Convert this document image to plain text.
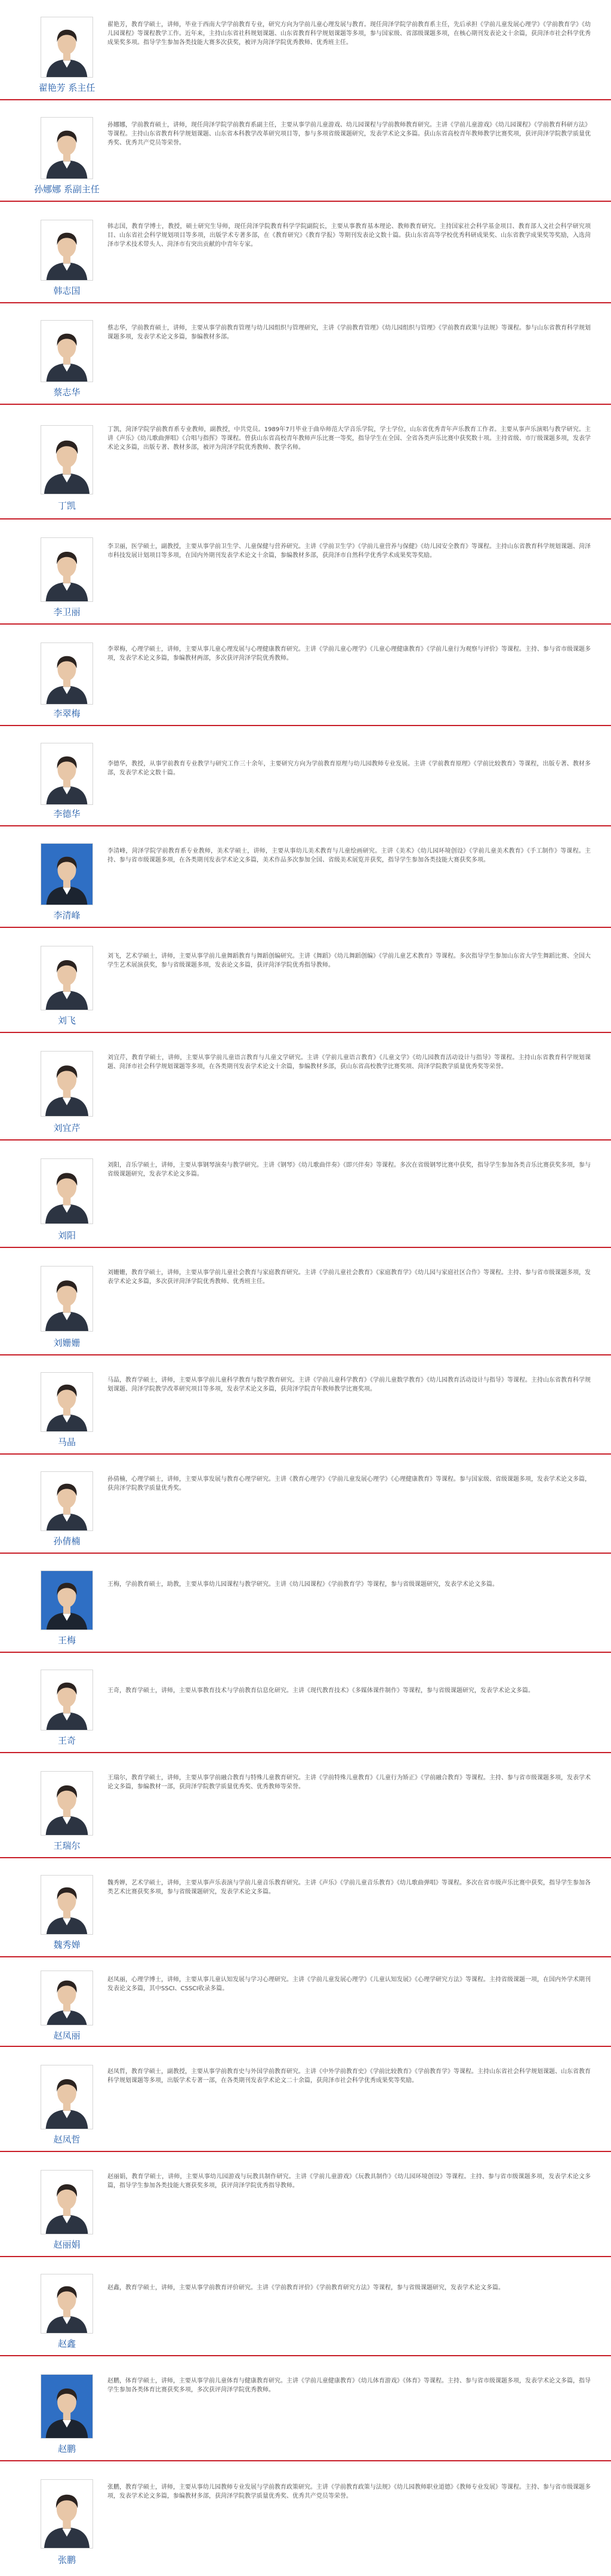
翟艳芳 系主任

翟艳芳，教育学硕士，讲师，毕业于西南大学学前教育专业，研究方向为学前儿童心理发展与教育。现任菏泽学院学前教育系主任，先后承担《学前儿童发展心理学》《学前教育学》《幼儿园课程》等课程教学工作。近年来，主持山东省社科规划课题、山东省教育科学规划课题等多项，参与国家级、省部级课题多项，在核心期刊发表论文十余篇，获菏泽市社会科学优秀成果奖多项。指导学生参加各类技能大赛多次获奖，被评为菏泽学院优秀教师、优秀班主任。

孙娜娜 系副主任

孙娜娜，学前教育硕士，讲师，现任菏泽学院学前教育系副主任，主要从事学前儿童游戏、幼儿园课程与学前教师教育研究。主讲《学前儿童游戏》《幼儿园课程》《学前教育科研方法》等课程。主持山东省教育科学规划课题、山东省本科教学改革研究项目等，参与多项省级课题研究，发表学术论文多篇。获山东省高校青年教师教学比赛奖项，获评菏泽学院教学质量优秀奖、优秀共产党员等荣誉。

韩志国

韩志国，教育学博士，教授，硕士研究生导师，现任菏泽学院教育科学学院副院长，主要从事教育基本理论、教师教育研究。主持国家社会科学基金项目、教育部人文社会科学研究项目、山东省社会科学规划项目等多项，出版学术专著多部，在《教育研究》《教育学报》等期刊发表论文数十篇。获山东省高等学校优秀科研成果奖、山东省教学成果奖等奖励，入选菏泽市学术技术带头人、菏泽市有突出贡献的中青年专家。

蔡志华

蔡志华，学前教育硕士，讲师，主要从事学前教育管理与幼儿园组织与管理研究，主讲《学前教育管理》《幼儿园组织与管理》《学前教育政策与法规》等课程。参与山东省教育科学规划课题多项，发表学术论文多篇，参编教材多部。

丁凯

丁凯，菏泽学院学前教育系专业教师，副教授，中共党员。1989年7月毕业于曲阜师范大学音乐学院，学士学位，山东省优秀青年声乐教育工作者。主要从事声乐演唱与教学研究。主讲《声乐》《幼儿歌曲弹唱》《合唱与指挥》等课程。曾获山东省高校青年教师声乐比赛一等奖，指导学生在全国、全省各类声乐比赛中获奖数十项。主持省级、市厅级课题多项，发表学术论文多篇，出版专著、教材多部，被评为菏泽学院优秀教师、教学名师。

李卫丽

李卫丽，医学硕士，副教授，主要从事学前卫生学、儿童保健与营养研究。主讲《学前卫生学》《学前儿童营养与保健》《幼儿园安全教育》等课程。主持山东省教育科学规划课题、菏泽市科技发展计划项目等多项，在国内外期刊发表学术论文十余篇，参编教材多部，获菏泽市自然科学优秀学术成果奖等奖励。

李翠梅

李翠梅，心理学硕士，讲师，主要从事儿童心理发展与心理健康教育研究。主讲《学前儿童心理学》《儿童心理健康教育》《学前儿童行为观察与评价》等课程。主持、参与省市级课题多项，发表学术论文多篇，参编教材两部，多次获评菏泽学院优秀教师。

李德华

李德华，教授，从事学前教育专业教学与研究工作三十余年，主要研究方向为学前教育原理与幼儿园教师专业发展。主讲《学前教育原理》《学前比较教育》等课程，出版专著、教材多部，发表学术论文数十篇。

李清峰

李清峰，菏泽学院学前教育系专业教师，美术学硕士，讲师，主要从事幼儿美术教育与儿童绘画研究。主讲《美术》《幼儿园环境创设》《学前儿童美术教育》《手工制作》等课程。主持、参与省市级课题多项，在各类期刊发表学术论文多篇，美术作品多次参加全国、省级美术展览并获奖，指导学生参加各类技能大赛获奖多项。

刘飞

刘飞，艺术学硕士，讲师，主要从事学前儿童舞蹈教育与舞蹈创编研究。主讲《舞蹈》《幼儿舞蹈创编》《学前儿童艺术教育》等课程。多次指导学生参加山东省大学生舞蹈比赛、全国大学生艺术展演获奖，参与省级课题多项，发表论文多篇，获评菏泽学院优秀指导教师。

刘宜芹

刘宜芹，教育学硕士，讲师，主要从事学前儿童语言教育与儿童文学研究。主讲《学前儿童语言教育》《儿童文学》《幼儿园教育活动设计与指导》等课程。主持山东省教育科学规划课题、菏泽市社会科学规划课题等多项，在各类期刊发表学术论文十余篇，参编教材多部，获山东省高校教学比赛奖项、菏泽学院教学质量优秀奖等荣誉。

刘阳

刘阳，音乐学硕士，讲师，主要从事钢琴演奏与教学研究。主讲《钢琴》《幼儿歌曲伴奏》《即兴伴奏》等课程。多次在省级钢琴比赛中获奖，指导学生参加各类音乐比赛获奖多项，参与省级课题研究，发表学术论文多篇。

刘姗姗

刘姗姗，教育学硕士，讲师，主要从事学前儿童社会教育与家庭教育研究。主讲《学前儿童社会教育》《家庭教育学》《幼儿园与家庭社区合作》等课程。主持、参与省市级课题多项，发表学术论文多篇，多次获评菏泽学院优秀教师、优秀班主任。

马晶

马晶，教育学硕士，讲师，主要从事学前儿童科学教育与数学教育研究。主讲《学前儿童科学教育》《学前儿童数学教育》《幼儿园教育活动设计与指导》等课程。主持山东省教育科学规划课题、菏泽学院教学改革研究项目等多项，发表学术论文多篇，获菏泽学院青年教师教学比赛奖项。

孙倩楠

孙倩楠，心理学硕士，讲师，主要从事发展与教育心理学研究。主讲《教育心理学》《学前儿童发展心理学》《心理健康教育》等课程。参与国家级、省级课题多项，发表学术论文多篇，获菏泽学院教学质量优秀奖。

王梅

王梅，学前教育硕士，助教，主要从事幼儿园课程与教学研究。主讲《幼儿园课程》《学前教育学》等课程，参与省级课题研究，发表学术论文多篇。

王奇

王奇，教育学硕士，讲师，主要从事教育技术与学前教育信息化研究。主讲《现代教育技术》《多媒体课件制作》等课程，参与省级课题研究，发表学术论文多篇。

王瑞尔

王瑞尔，教育学硕士，讲师，主要从事学前融合教育与特殊儿童教育研究。主讲《学前特殊儿童教育》《儿童行为矫正》《学前融合教育》等课程。主持、参与省市级课题多项，发表学术论文多篇，参编教材一部，获菏泽学院教学质量优秀奖、优秀教师等荣誉。

魏秀婵

魏秀婵，艺术学硕士，讲师，主要从事声乐表演与学前儿童音乐教育研究。主讲《声乐》《学前儿童音乐教育》《幼儿歌曲弹唱》等课程。多次在省市级声乐比赛中获奖，指导学生参加各类艺术比赛获奖多项，参与省级课题研究，发表学术论文多篇。

赵凤丽

赵凤丽，心理学博士，讲师，主要从事儿童认知发展与学习心理研究。主讲《学前儿童发展心理学》《儿童认知发展》《心理学研究方法》等课程。主持省级课题一项，在国内外学术期刊发表论文多篇，其中SSCI、CSSCI收录多篇。

赵凤哲

赵凤哲，教育学硕士，副教授，主要从事学前教育史与外国学前教育研究。主讲《中外学前教育史》《学前比较教育》《学前教育学》等课程。主持山东省社会科学规划课题、山东省教育科学规划课题等多项，出版学术专著一部，在各类期刊发表学术论文二十余篇，获菏泽市社会科学优秀成果奖等奖励。

赵丽娟

赵丽娟，教育学硕士，讲师，主要从事幼儿园游戏与玩教具制作研究。主讲《学前儿童游戏》《玩教具制作》《幼儿园环境创设》等课程。主持、参与省市级课题多项，发表学术论文多篇，指导学生参加各类技能大赛获奖多项，获评菏泽学院优秀指导教师。

赵鑫

赵鑫，教育学硕士，讲师，主要从事学前教育评价研究。主讲《学前教育评价》《学前教育研究方法》等课程，参与省级课题研究，发表学术论文多篇。

赵鹏

赵鹏，体育学硕士，讲师，主要从事学前儿童体育与健康教育研究。主讲《学前儿童健康教育》《幼儿体育游戏》《体育》等课程。主持、参与省市级课题多项，发表学术论文多篇，指导学生参加各类体育比赛获奖多项，多次获评菏泽学院优秀教师。

张鹏

张鹏，教育学硕士，讲师，主要从事幼儿园教师专业发展与学前教育政策研究。主讲《学前教育政策与法规》《幼儿园教师职业道德》《教师专业发展》等课程。主持、参与省市级课题多项，发表学术论文多篇，参编教材多部，获菏泽学院教学质量优秀奖、优秀共产党员等荣誉。
